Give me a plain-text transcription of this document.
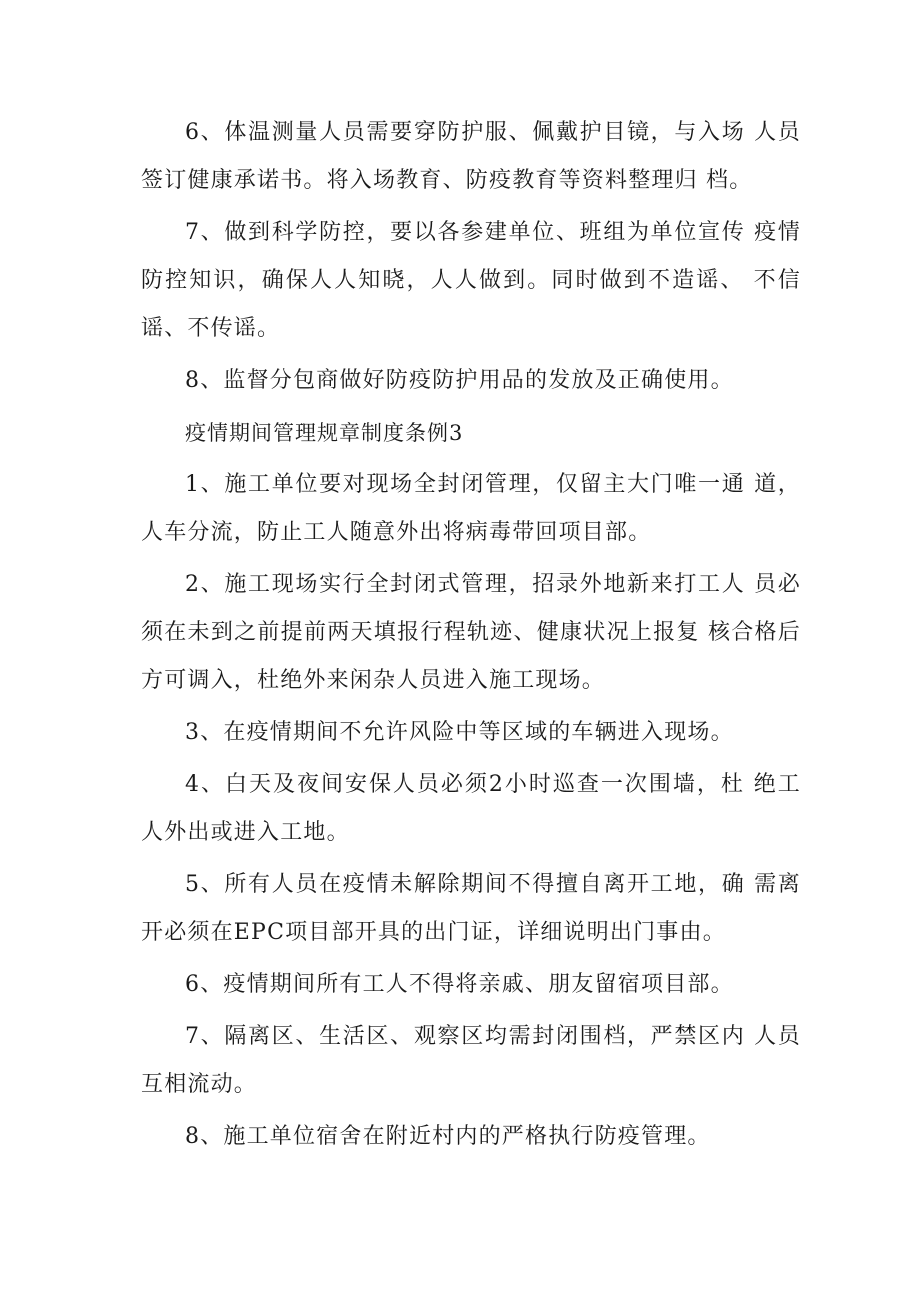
6、体温测量人员需要穿防护服、佩戴护目镜，与入场 人员签订健康承诺书。将入场教育、防疫教育等资料整理归 档。

7、做到科学防控，要以各参建单位、班组为单位宣传 疫情防控知识，确保人人知晓，人人做到。同时做到不造谣、 不信谣、不传谣。

8、监督分包商做好防疫防护用品的发放及正确使用。

疫情期间管理规章制度条例3

1、施工单位要对现场全封闭管理，仅留主大门唯一通 道，人车分流，防止工人随意外出将病毒带回项目部。

2、施工现场实行全封闭式管理，招录外地新来打工人 员必须在未到之前提前两天填报行程轨迹、健康状况上报复 核合格后方可调入，杜绝外来闲杂人员进入施工现场。

3、在疫情期间不允许风险中等区域的车辆进入现场。

4、白天及夜间安保人员必须2小时巡查一次围墙，杜 绝工人外出或进入工地。

5、所有人员在疫情未解除期间不得擅自离开工地，确 需离开必须在EPC项目部开具的出门证，详细说明出门事由。

6、疫情期间所有工人不得将亲戚、朋友留宿项目部。

7、隔离区、生活区、观察区均需封闭围档，严禁区内 人员互相流动。

8、施工单位宿舍在附近村内的严格执行防疫管理。
